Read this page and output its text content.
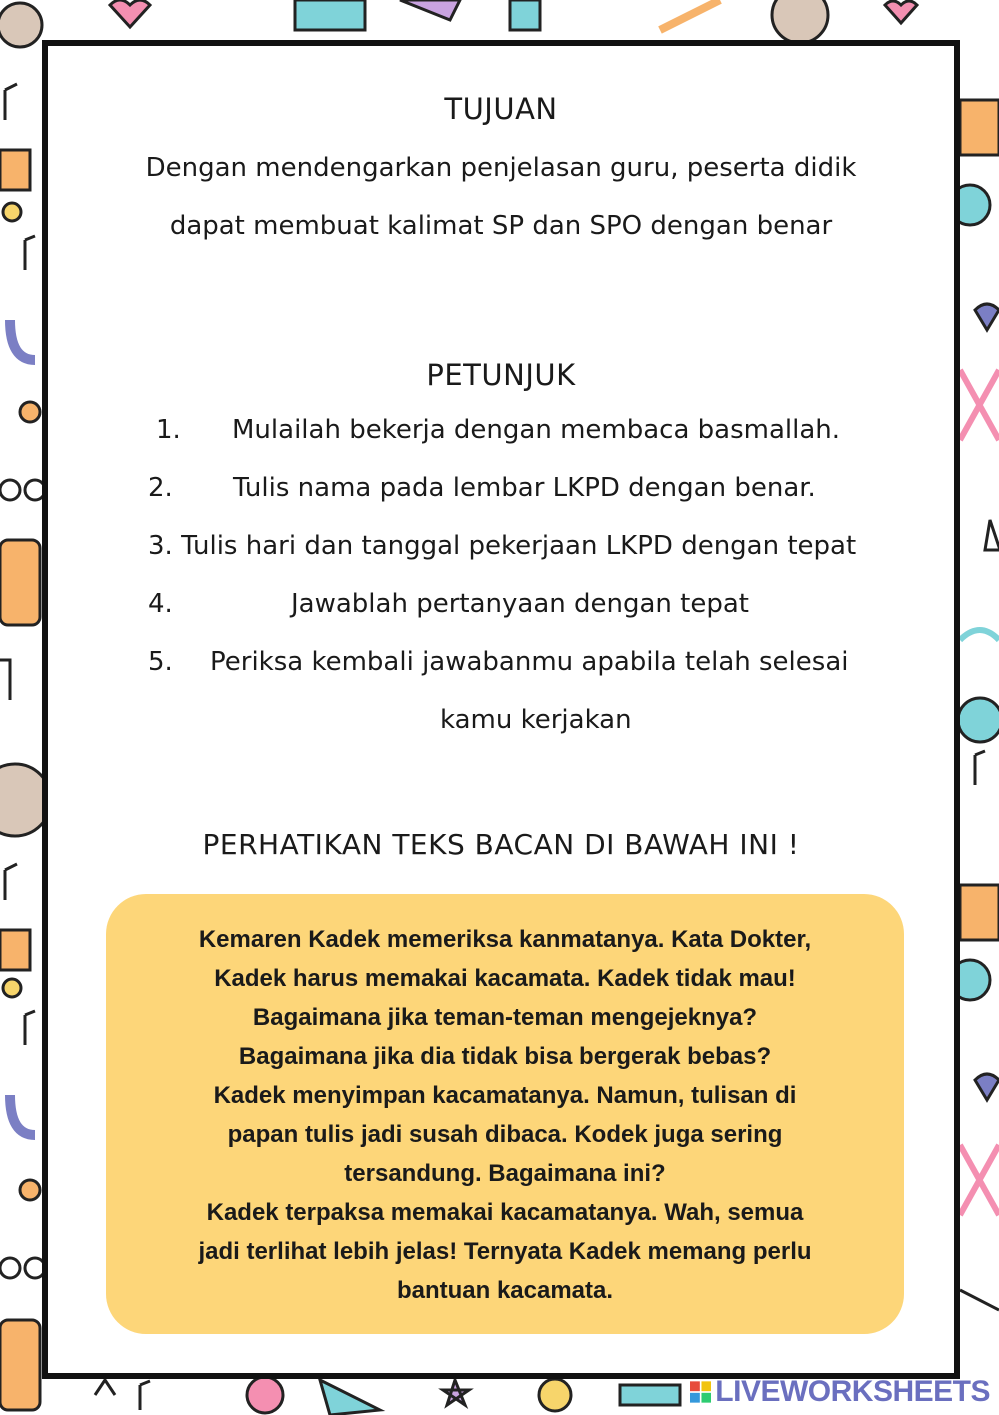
TUJUAN
Dengan mendengarkan penjelasan guru, peserta didik
dapat membuat kalimat SP dan SPO dengan benar
PETUNJUK
1. Mulailah bekerja dengan membaca basmallah.
2. Tulis nama pada lembar LKPD dengan benar.
3. Tulis hari dan tanggal pekerjaan LKPD dengan tepat
4.	Jawablah pertanyaan dengan tepat
5. Periksa kembali jawabanmu apabila telah selesai
kamu kerjakan
PERHATIKAN TEKS BACAN DI BAWAH INI !

Kemaren Kadek memeriksa kanmatanya. Kata Dokter,
Kadek harus memakai kacamata. Kadek tidak mau!
Bagaimana jika teman-teman mengejeknya?
Bagaimana jika dia tidak bisa bergerak bebas?
Kadek menyimpan kacamatanya. Namun, tulisan di
papan tulis jadi susah dibaca. Kodek juga sering
tersandung. Bagaimana ini?
Kadek terpaksa memakai kacamatanya. Wah, semua
jadi terlihat lebih jelas! Ternyata Kadek memang perlu
bantuan kacamata.

LIVEWORKSHEETS
